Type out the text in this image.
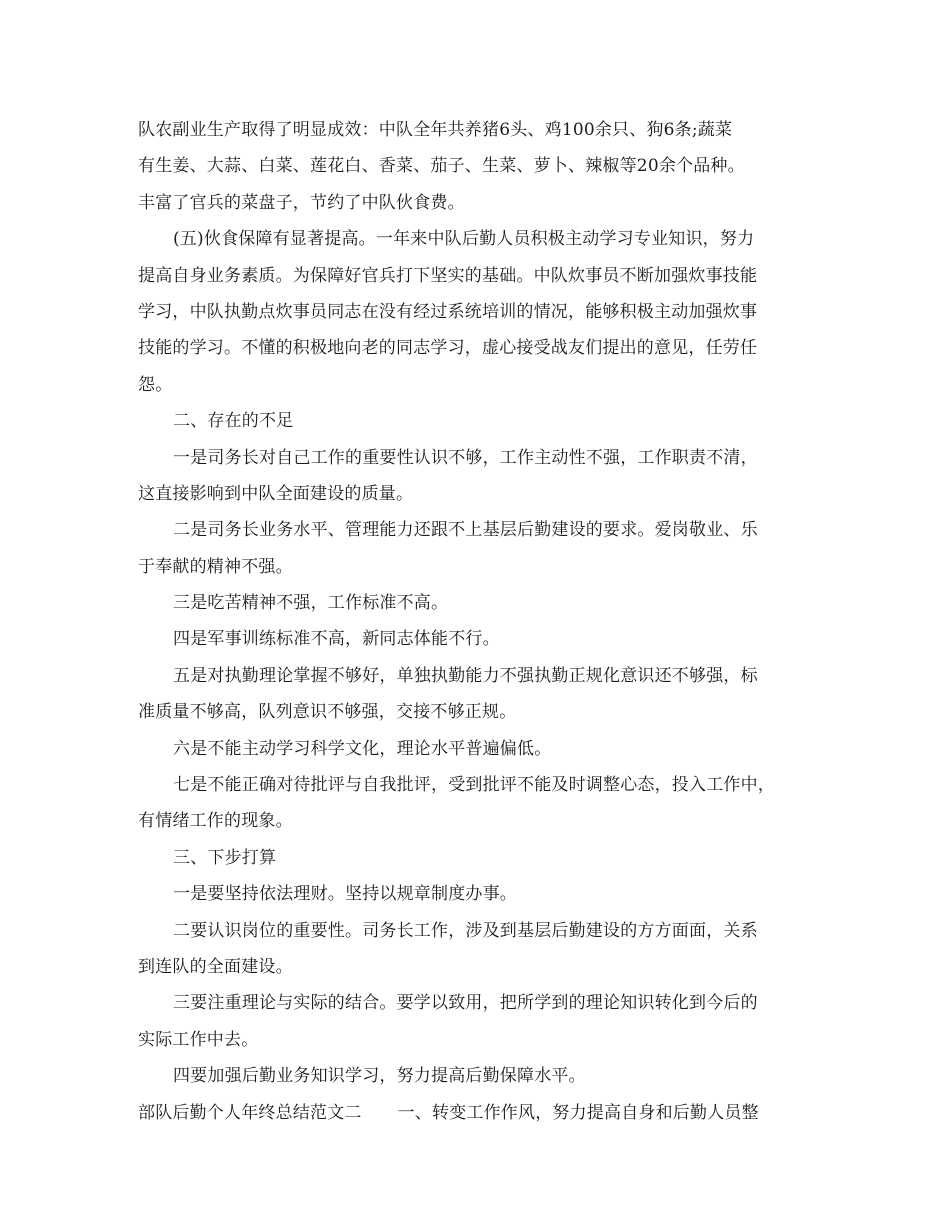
队农副业生产取得了明显成效：中队全年共养猪6头、鸡100余只、狗6条;蔬菜
有生姜、大蒜、白菜、莲花白、香菜、茄子、生菜、萝卜、辣椒等20余个品种。
丰富了官兵的菜盘子，节约了中队伙食费。
(五)伙食保障有显著提高。一年来中队后勤人员积极主动学习专业知识，努力
提高自身业务素质。为保障好官兵打下坚实的基础。中队炊事员不断加强炊事技能
学习，中队执勤点炊事员同志在没有经过系统培训的情况，能够积极主动加强炊事
技能的学习。不懂的积极地向老的同志学习，虚心接受战友们提出的意见，任劳任
怨。
二、存在的不足
一是司务长对自己工作的重要性认识不够，工作主动性不强，工作职责不清，
这直接影响到中队全面建设的质量。
二是司务长业务水平、管理能力还跟不上基层后勤建设的要求。爱岗敬业、乐
于奉献的精神不强。
三是吃苦精神不强，工作标准不高。
四是军事训练标准不高，新同志体能不行。
五是对执勤理论掌握不够好，单独执勤能力不强执勤正规化意识还不够强，标
准质量不够高，队列意识不够强，交接不够正规。
六是不能主动学习科学文化，理论水平普遍偏低。
七是不能正确对待批评与自我批评，受到批评不能及时调整心态，投入工作中，
有情绪工作的现象。
三、下步打算
一是要坚持依法理财。坚持以规章制度办事。
二要认识岗位的重要性。司务长工作，涉及到基层后勤建设的方方面面，关系
到连队的全面建设。
三要注重理论与实际的结合。要学以致用，把所学到的理论知识转化到今后的
实际工作中去。
四要加强后勤业务知识学习，努力提高后勤保障水平。
部队后勤个人年终总结范文二 一、转变工作作风，努力提高自身和后勤人员整
